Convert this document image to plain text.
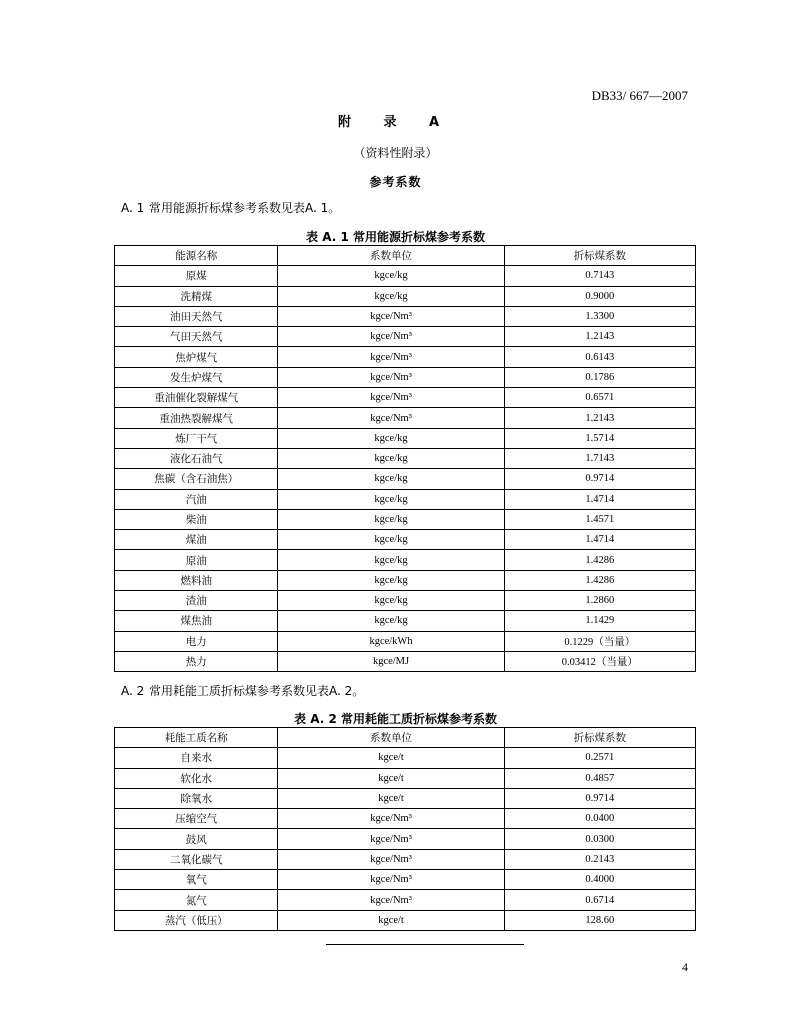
DB33/ 667—2007
附 录 A
（资料性附录）
参考系数
A. 1 常用能源折标煤参考系数见表A. 1。
表 A. 1 常用能源折标煤参考系数
能源名称	系数单位	折标煤系数
原煤	kgce/kg	0.7143
洗精煤	kgce/kg	0.9000
油田天然气	kgce/Nm³	1.3300
气田天然气	kgce/Nm³	1.2143
焦炉煤气	kgce/Nm³	0.6143
发生炉煤气	kgce/Nm³	0.1786
重油催化裂解煤气	kgce/Nm³	0.6571
重油热裂解煤气	kgce/Nm³	1.2143
炼厂干气	kgce/kg	1.5714
液化石油气	kgce/kg	1.7143
焦碳（含石油焦）	kgce/kg	0.9714
汽油	kgce/kg	1.4714
柴油	kgce/kg	1.4571
煤油	kgce/kg	1.4714
原油	kgce/kg	1.4286
燃料油	kgce/kg	1.4286
渣油	kgce/kg	1.2860
煤焦油	kgce/kg	1.1429
电力	kgce/kWh	0.1229（当量）
热力	kgce/MJ	0.03412（当量）
A. 2 常用耗能工质折标煤参考系数见表A. 2。
表 A. 2 常用耗能工质折标煤参考系数
耗能工质名称	系数单位	折标煤系数
自来水	kgce/t	0.2571
软化水	kgce/t	0.4857
除氧水	kgce/t	0.9714
压缩空气	kgce/Nm³	0.0400
鼓风	kgce/Nm³	0.0300
二氧化碳气	kgce/Nm³	0.2143
氧气	kgce/Nm³	0.4000
氮气	kgce/Nm³	0.6714
蒸汽（低压）	kgce/t	128.60
4
